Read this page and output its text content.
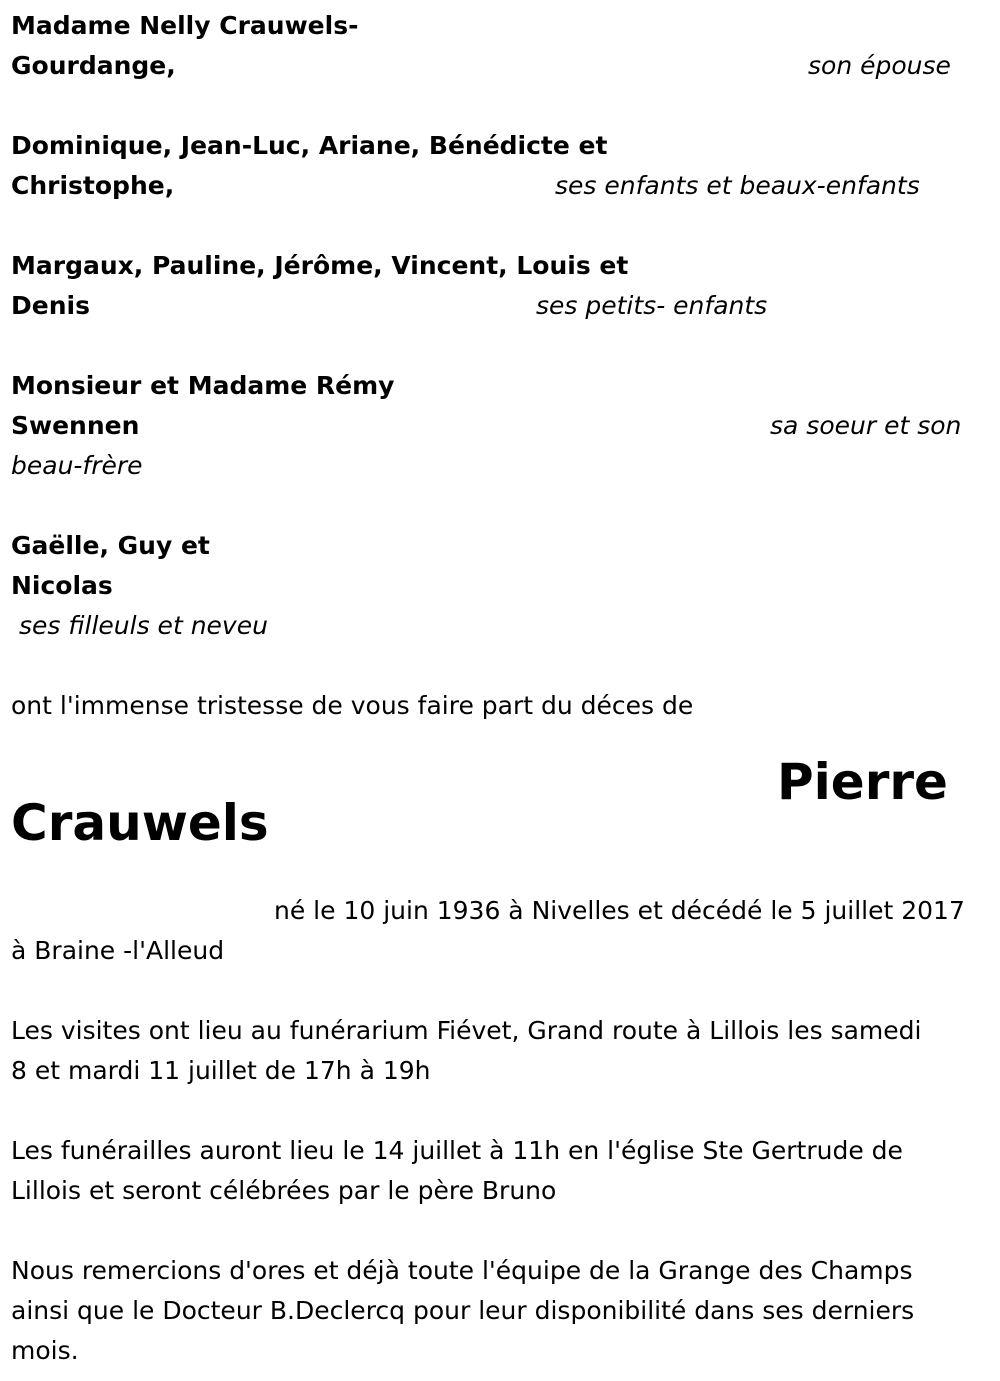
Madame Nelly Crauwels-

Gourdange,	son épouse

Dominique, Jean-Luc, Ariane, Bénédicte et

Christophe,	ses enfants et beaux-enfants

Margaux, Pauline, Jérôme, Vincent, Louis et

Denis	ses petits- enfants

Monsieur et Madame Rémy

Swennen	sa soeur et son

beau-frère

Gaëlle, Guy et

Nicolas

ses filleuls et neveu

ont l'immense tristesse de vous faire part du déces de

Pierre
Crauwels

né le 10 juin 1936 à Nivelles et décédé le 5 juillet 2017

à Braine -l'Alleud

Les visites ont lieu au funérarium Fiévet, Grand route à Lillois les samedi

8 et mardi 11 juillet de 17h à 19h

Les funérailles auront lieu le 14 juillet à 11h en l'église Ste Gertrude de

Lillois et seront célébrées par le père Bruno

Nous remercions d'ores et déjà toute l'équipe de la Grange des Champs

ainsi que le Docteur B.Declercq pour leur disponibilité dans ses derniers

mois.
